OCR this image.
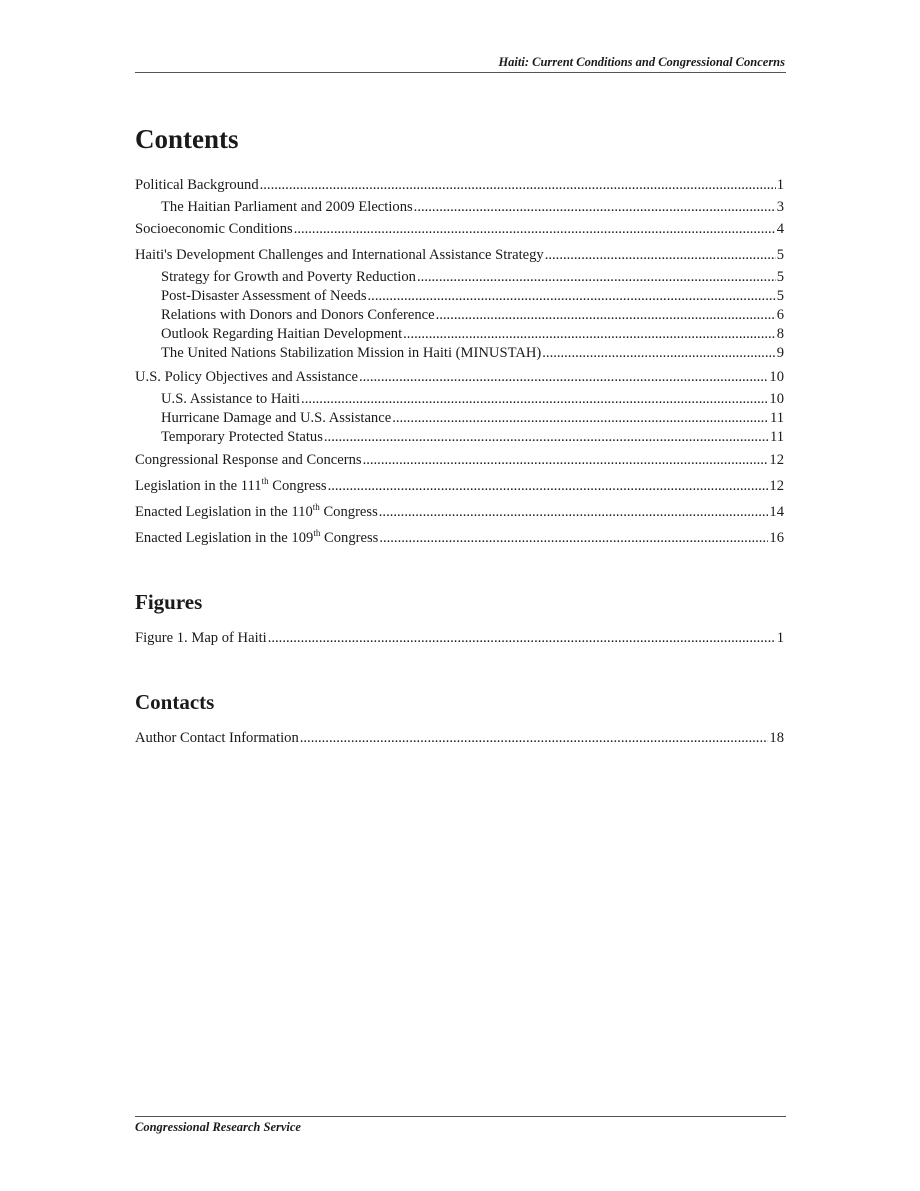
Haiti: Current Conditions and Congressional Concerns
Contents
Political Background .....	1
The Haitian Parliament and 2009 Elections .....	3
Socioeconomic Conditions .....	4
Haiti's Development Challenges and International Assistance Strategy .....	5
Strategy for Growth and Poverty Reduction .....	5
Post-Disaster Assessment of Needs .....	5
Relations with Donors and Donors Conference .....	6
Outlook Regarding Haitian Development .....	8
The United Nations Stabilization Mission in Haiti (MINUSTAH) .....	9
U.S. Policy Objectives and Assistance .....	10
U.S. Assistance to Haiti .....	10
Hurricane Damage and U.S. Assistance .....	11
Temporary Protected Status .....	11
Congressional Response and Concerns .....	12
Legislation in the 111th Congress .....	12
Enacted Legislation in the 110th Congress .....	14
Enacted Legislation in the 109th Congress .....	16
Figures
Figure 1. Map of Haiti .....	1
Contacts
Author Contact Information .....	18
Congressional Research Service
